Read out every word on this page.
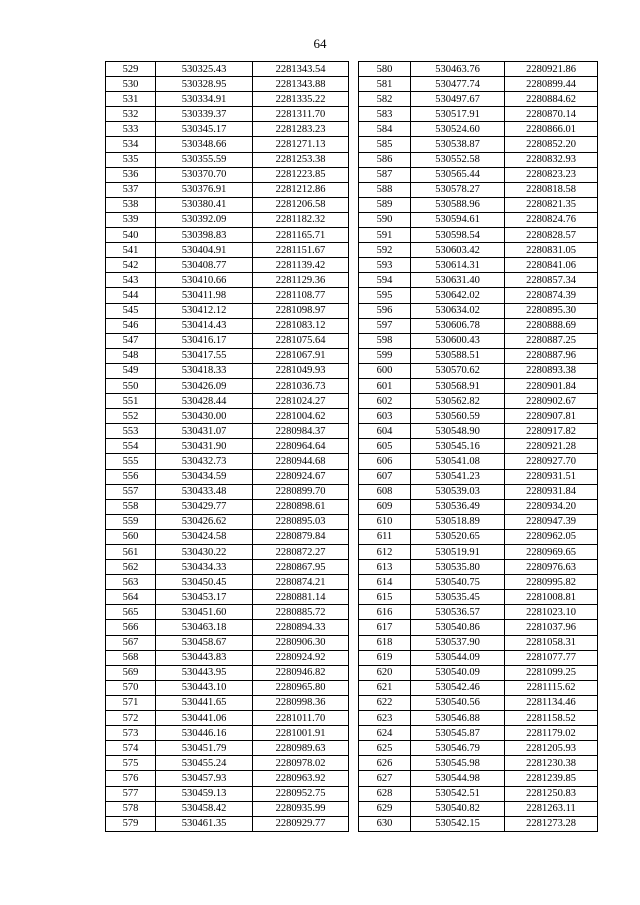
64
529	530325.43	2281343.54
530	530328.95	2281343.88
531	530334.91	2281335.22
532	530339.37	2281311.70
533	530345.17	2281283.23
534	530348.66	2281271.13
535	530355.59	2281253.38
536	530370.70	2281223.85
537	530376.91	2281212.86
538	530380.41	2281206.58
539	530392.09	2281182.32
540	530398.83	2281165.71
541	530404.91	2281151.67
542	530408.77	2281139.42
543	530410.66	2281129.36
544	530411.98	2281108.77
545	530412.12	2281098.97
546	530414.43	2281083.12
547	530416.17	2281075.64
548	530417.55	2281067.91
549	530418.33	2281049.93
550	530426.09	2281036.73
551	530428.44	2281024.27
552	530430.00	2281004.62
553	530431.07	2280984.37
554	530431.90	2280964.64
555	530432.73	2280944.68
556	530434.59	2280924.67
557	530433.48	2280899.70
558	530429.77	2280898.61
559	530426.62	2280895.03
560	530424.58	2280879.84
561	530430.22	2280872.27
562	530434.33	2280867.95
563	530450.45	2280874.21
564	530453.17	2280881.14
565	530451.60	2280885.72
566	530463.18	2280894.33
567	530458.67	2280906.30
568	530443.83	2280924.92
569	530443.95	2280946.82
570	530443.10	2280965.80
571	530441.65	2280998.36
572	530441.06	2281011.70
573	530446.16	2281001.91
574	530451.79	2280989.63
575	530455.24	2280978.02
576	530457.93	2280963.92
577	530459.13	2280952.75
578	530458.42	2280935.99
579	530461.35	2280929.77
580	530463.76	2280921.86
581	530477.74	2280899.44
582	530497.67	2280884.62
583	530517.91	2280870.14
584	530524.60	2280866.01
585	530538.87	2280852.20
586	530552.58	2280832.93
587	530565.44	2280823.23
588	530578.27	2280818.58
589	530588.96	2280821.35
590	530594.61	2280824.76
591	530598.54	2280828.57
592	530603.42	2280831.05
593	530614.31	2280841.06
594	530631.40	2280857.34
595	530642.02	2280874.39
596	530634.02	2280895.30
597	530606.78	2280888.69
598	530600.43	2280887.25
599	530588.51	2280887.96
600	530570.62	2280893.38
601	530568.91	2280901.84
602	530562.82	2280902.67
603	530560.59	2280907.81
604	530548.90	2280917.82
605	530545.16	2280921.28
606	530541.08	2280927.70
607	530541.23	2280931.51
608	530539.03	2280931.84
609	530536.49	2280934.20
610	530518.89	2280947.39
611	530520.65	2280962.05
612	530519.91	2280969.65
613	530535.80	2280976.63
614	530540.75	2280995.82
615	530535.45	2281008.81
616	530536.57	2281023.10
617	530540.86	2281037.96
618	530537.90	2281058.31
619	530544.09	2281077.77
620	530540.09	2281099.25
621	530542.46	2281115.62
622	530540.56	2281134.46
623	530546.88	2281158.52
624	530545.87	2281179.02
625	530546.79	2281205.93
626	530545.98	2281230.38
627	530544.98	2281239.85
628	530542.51	2281250.83
629	530540.82	2281263.11
630	530542.15	2281273.28
